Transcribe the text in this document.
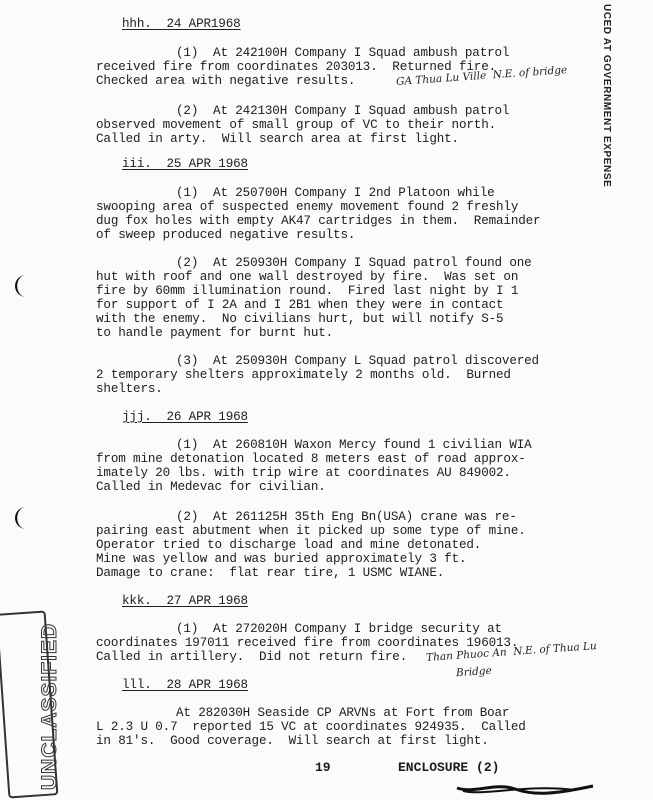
UCED AT GOVERNMENT EXPENSE
hhh.  24 APR1968
(1)  At 242100H Company I Squad ambush patrol
received fire from coordinates 203013.  Returned fire.
Checked area with negative results.	GA Thua Lu Ville  N.E. of bridge
(2)  At 242130H Company I Squad ambush patrol
observed movement of small group of VC to their north.
Called in arty.  Will search area at first light.
iii.  25 APR 1968
(1)  At 250700H Company I 2nd Platoon while
swooping area of suspected enemy movement found 2 freshly
dug fox holes with empty AK47 cartridges in them.  Remainder
of sweep produced negative results.
(2)  At 250930H Company I Squad patrol found one
hut with roof and one wall destroyed by fire.  Was set on
fire by 60mm illumination round.  Fired last night by I 1
for support of I 2A and I 2B1 when they were in contact
with the enemy.  No civilians hurt, but will notify S-5
to handle payment for burnt hut.
(3)  At 250930H Company L Squad patrol discovered
2 temporary shelters approximately 2 months old.  Burned
shelters.
jjj.  26 APR 1968
(1)  At 260810H Waxon Mercy found 1 civilian WIA
from mine detonation located 8 meters east of road approx-
imately 20 lbs. with trip wire at coordinates AU 849002.
Called in Medevac for civilian.
(2)  At 261125H 35th Eng Bn(USA) crane was re-
pairing east abutment when it picked up some type of mine.
Operator tried to discharge load and mine detonated.
Mine was yellow and was buried approximately 3 ft.
Damage to crane:  flat rear tire, 1 USMC WIANE.
kkk.  27 APR 1968
(1)  At 272020H Company I bridge security at
coordinates 197011 received fire from coordinates 196013.
Called in artillery.  Did not return fire. Than Phuoc An  N.E. of Thua Lu
Bridge
lll.  28 APR 1968
At 282030H Seaside CP ARVNs at Fort from Boar
L 2.3 U 0.7  reported 15 VC at coordinates 924935.  Called
in 81's.  Good coverage.  Will search at first light.
UNCLASSIFIED	19	ENCLOSURE (2)
